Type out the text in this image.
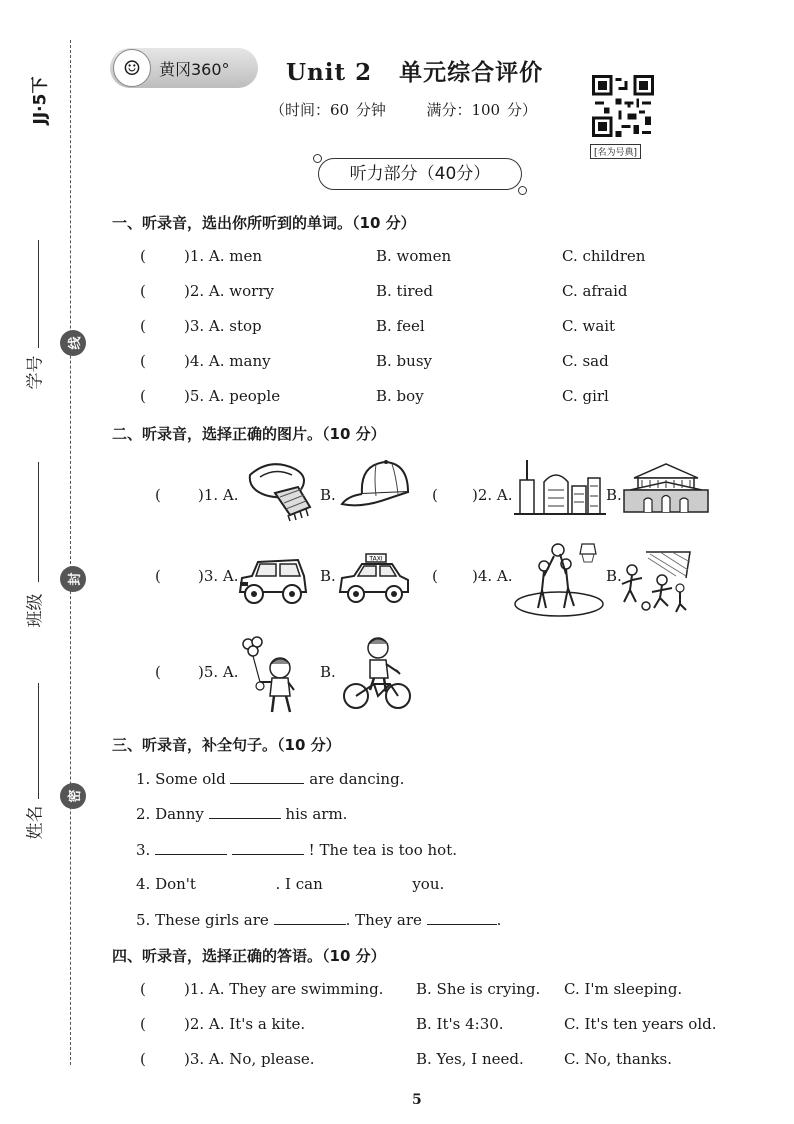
JJ·5下
学号
班级
姓名
线
封
密
☺	黄冈360° Unit 2   单元综合评价
（时间：60 分钟      满分：100 分）
[名为号典]
听力部分（40分）
一、听录音，选出你所听到的单词。（10 分）
(	)1. A. men	B. women	C. children
(	)2. A. worry	B. tired	C. afraid
(	)3. A. stop	B. feel	C. wait
(	)4. A. many	B. busy	C. sad
(	)5. A. people	B. boy	C. girl
二、听录音，选择正确的图片。（10 分）
( )1. A.	B.	( )2. A.	B.
( )3. A.	B.
TAXI
( )4. A.	B.
( )5. A.	B.
三、听录音，补全句子。（10 分）
1. Some old	are dancing.
2. Danny	his arm.
3.	! The tea is too hot.
4. Don't	. I can	you.
5. These girls are	. They are	.
四、听录音，选择正确的答语。（10 分）
(	)1. A. They are swimming. B. She is crying. C. I'm sleeping.
(	)2. A. It's a kite.	B. It's 4:30.	C. It's ten years old.
(	)3. A. No, please.	B. Yes, I need.	C. No, thanks.
5
